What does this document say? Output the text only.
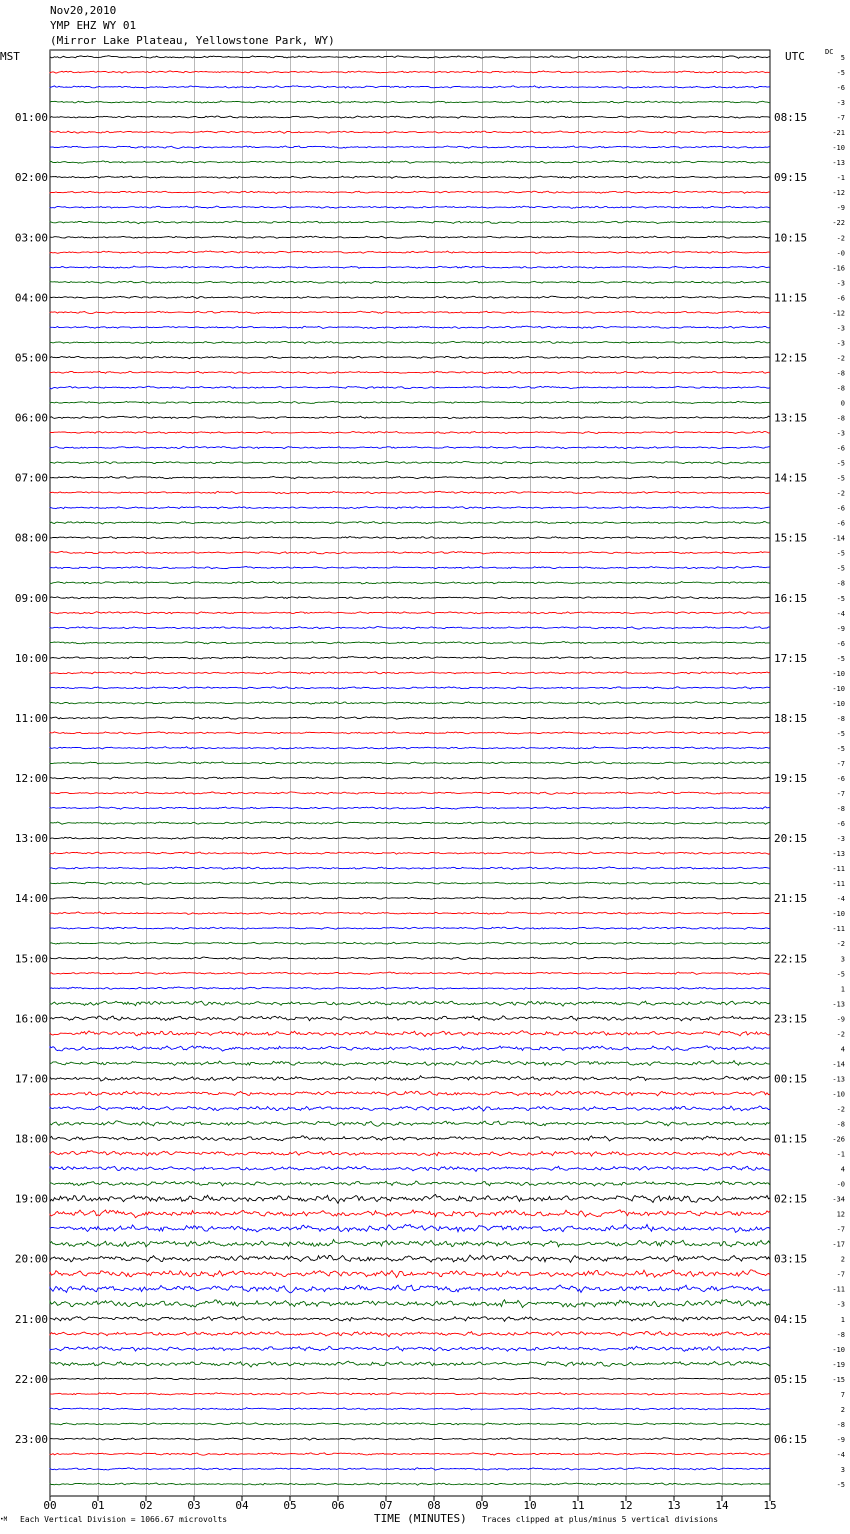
Nov20,2010
YMP EHZ WY 01
(Mirror Lake Plateau, Yellowstone Park, WY)
MST	UTC	DC
5
-5
-6
-3
-7
-21
-10
-13
-1
-12
-9
-22
-2
-0
-16
-3
-6
-12
-3
-3
-2
-8
-8
0
-8
-3
-6
-5
-5
-2
-6
-6
-14
-5
-5
-8
-5
-4
-9
-6
-5
-10
-10
-10
-8
-5
-5
-7
-6
-7
-8
-6
-3
-13
-11
-11
-4
-10
-11
-2
3
-5
1
-13
-9
-2
4
-14
-13
-10
-2
-8
-26
-1
4
-0
-34
12
-7
-17
2
-7
-11
-3
1
-8
-10
-19
-15
7
2
-8
-9
-4
3
-5
01:00
02:00
03:00
04:00
05:00
06:00
07:00
08:00
09:00
10:00
11:00
12:00
13:00
14:00
15:00
16:00
17:00
18:00
19:00
20:00
21:00
22:00
23:00
08:15
09:15
10:15
11:15
12:15
13:15
14:15
15:15
16:15
17:15
18:15
19:15
20:15
21:15
22:15
23:15
00:15
01:15
02:15
03:15
04:15
05:15
06:15
00	01	02	03	04	05	06	07	08	09	10	11	12	13	14	15
•M Each Vertical Division = 1066.67 microvolts	TIME (MINUTES) Traces clipped at plus/minus 5 vertical divisions
